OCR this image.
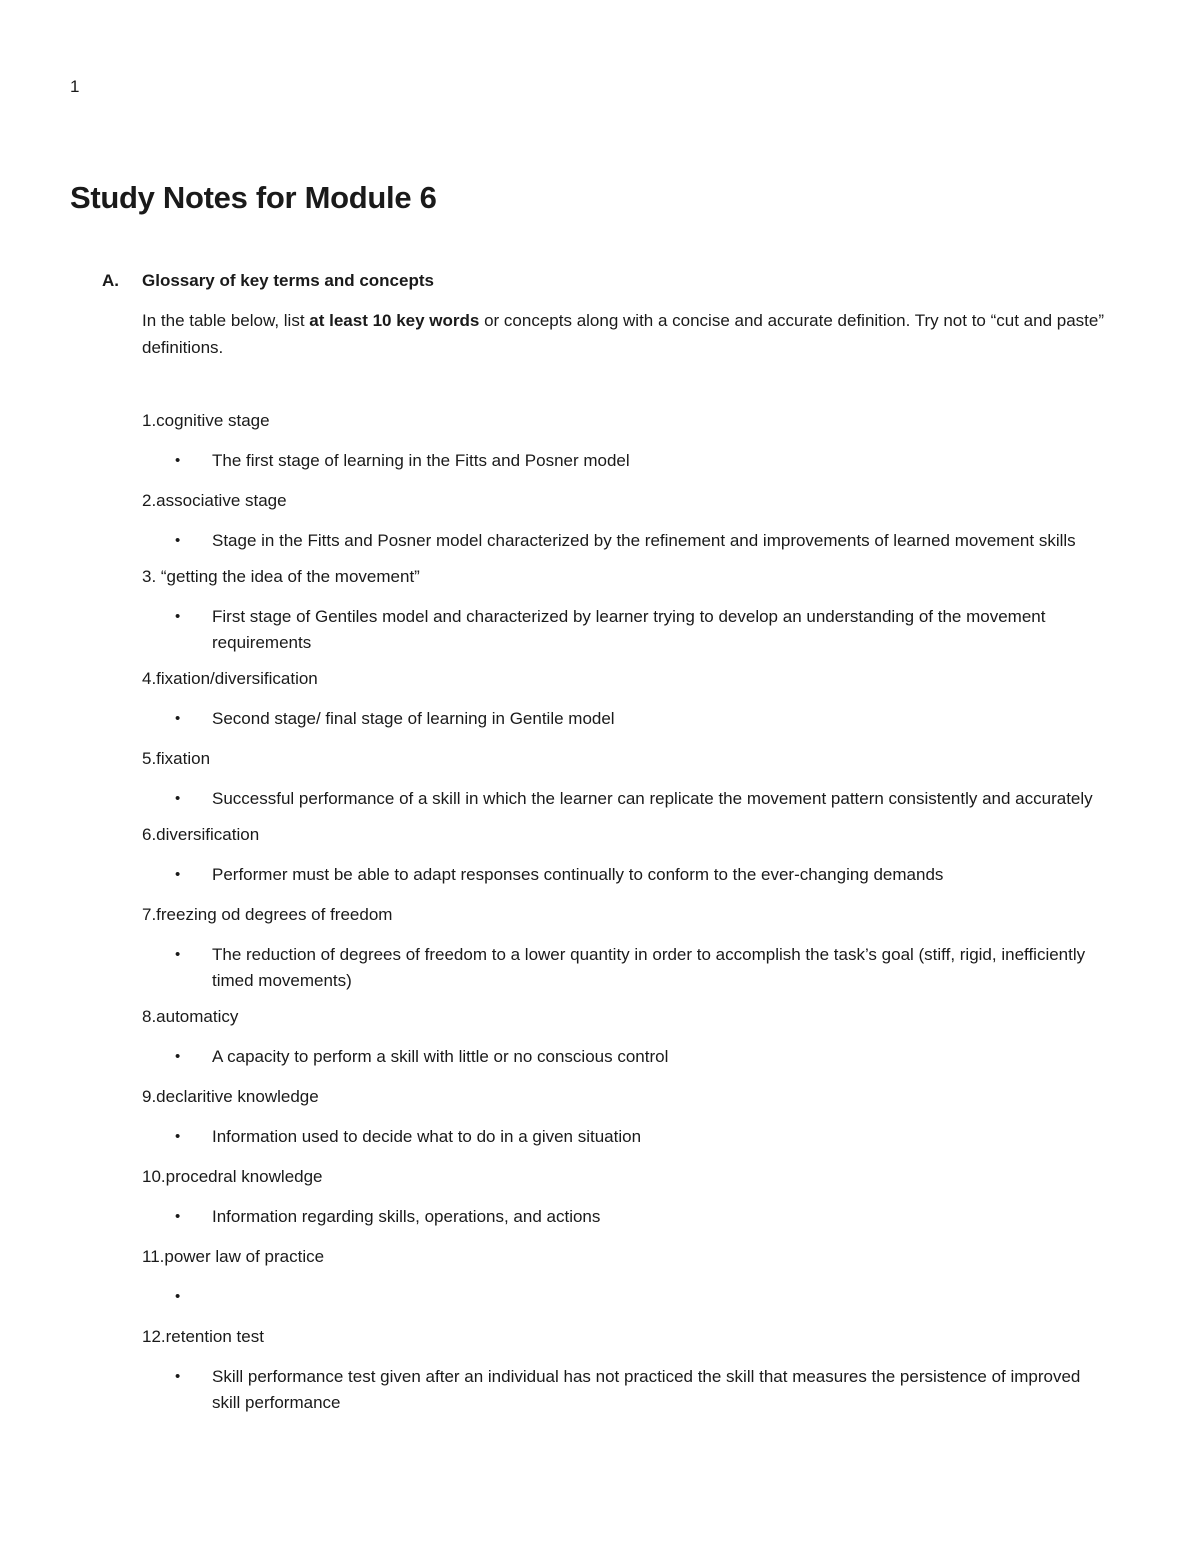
1
Study Notes for Module 6
A. Glossary of key terms and concepts
In the table below, list at least 10 key words or concepts along with a concise and accurate definition. Try not to “cut and paste” definitions.

1.cognitive stage

• The first stage of learning in the Fitts and Posner model

2.associative stage

• Stage in the Fitts and Posner model characterized by the refinement and improvements of learned movement skills

3. “getting the idea of the movement”

• First stage of Gentiles model and characterized by learner trying to develop an understanding of the movement requirements

4.fixation/diversification

• Second stage/ final stage of learning in Gentile model

5.fixation

• Successful performance of a skill in which the learner can replicate the movement pattern consistently and accurately

6.diversification

• Performer must be able to adapt responses continually to conform to the ever-changing demands

7.freezing od degrees of freedom

• The reduction of degrees of freedom to a lower quantity in order to accomplish the task’s goal (stiff, rigid, inefficiently timed movements)

8.automaticy

• A capacity to perform a skill with little or no conscious control

9.declaritive knowledge

• Information used to decide what to do in a given situation

10.procedral knowledge

• Information regarding skills, operations, and actions

11.power law of practice

•

12.retention test

• Skill performance test given after an individual has not practiced the skill that measures the persistence of improved skill performance
